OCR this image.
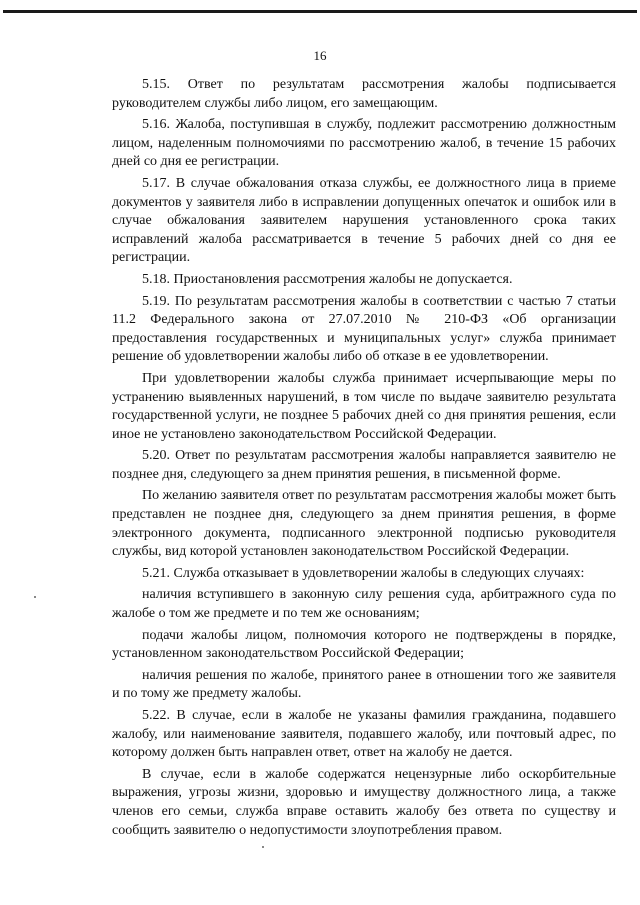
16

5.15. Ответ по результатам рассмотрения жалобы подписывается руководителем службы либо лицом, его замещающим.

5.16. Жалоба, поступившая в службу, подлежит рассмотрению должностным лицом, наделенным полномочиями по рассмотрению жалоб, в течение 15 рабочих дней со дня ее регистрации.

5.17. В случае обжалования отказа службы, ее должностного лица в приеме документов у заявителя либо в исправлении допущенных опечаток и ошибок или в случае обжалования заявителем нарушения установленного срока таких исправлений жалоба рассматривается в течение 5 рабочих дней со дня ее регистрации.

5.18. Приостановления рассмотрения жалобы не допускается.

5.19. По результатам рассмотрения жалобы в соответствии с частью 7 статьи 11.2 Федерального закона от 27.07.2010 № 210-ФЗ «Об организации предоставления государственных и муниципальных услуг» служба принимает решение об удовлетворении жалобы либо об отказе в ее удовлетворении.

При удовлетворении жалобы служба принимает исчерпывающие меры по устранению выявленных нарушений, в том числе по выдаче заявителю результата государственной услуги, не позднее 5 рабочих дней со дня принятия решения, если иное не установлено законодательством Российской Федерации.

5.20. Ответ по результатам рассмотрения жалобы направляется заявителю не позднее дня, следующего за днем принятия решения, в письменной форме.

По желанию заявителя ответ по результатам рассмотрения жалобы может быть представлен не позднее дня, следующего за днем принятия решения, в форме электронного документа, подписанного электронной подписью руководителя службы, вид которой установлен законодательством Российской Федерации.

5.21. Служба отказывает в удовлетворении жалобы в следующих случаях:

наличия вступившего в законную силу решения суда, арбитражного суда по жалобе о том же предмете и по тем же основаниям;

подачи жалобы лицом, полномочия которого не подтверждены в порядке, установленном законодательством Российской Федерации;

наличия решения по жалобе, принятого ранее в отношении того же заявителя и по тому же предмету жалобы.

5.22. В случае, если в жалобе не указаны фамилия гражданина, подавшего жалобу, или наименование заявителя, подавшего жалобу, или почтовый адрес, по которому должен быть направлен ответ, ответ на жалобу не дается.

В случае, если в жалобе содержатся нецензурные либо оскорбительные выражения, угрозы жизни, здоровью и имуществу должностного лица, а также членов его семьи, служба вправе оставить жалобу без ответа по существу и сообщить заявителю о недопустимости злоупотребления правом.
